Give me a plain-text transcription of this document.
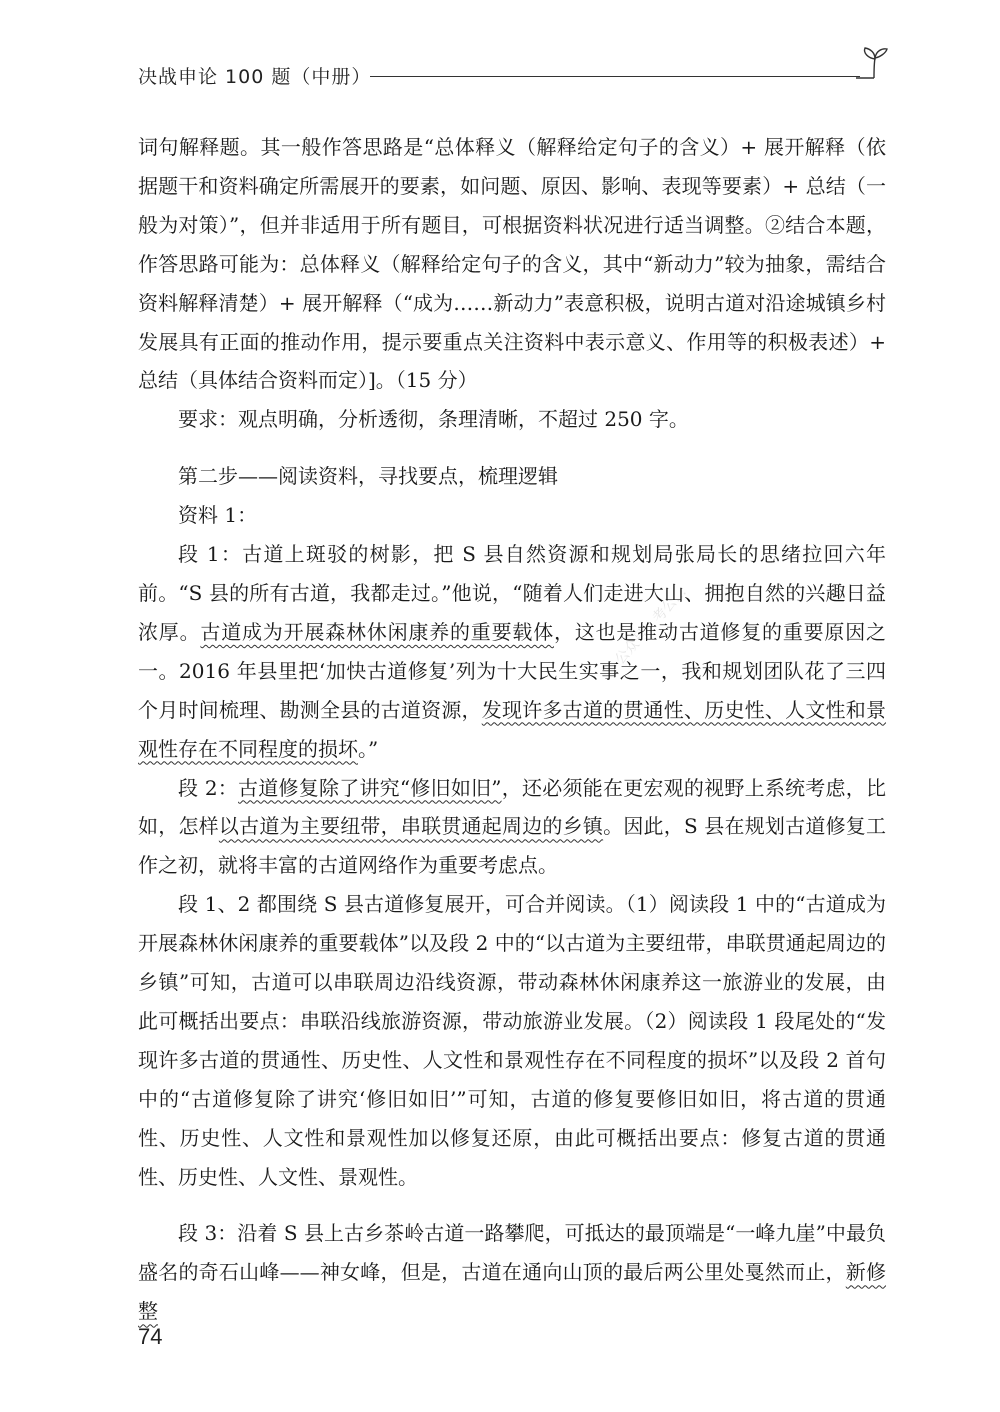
决战申论 100 题（中册）
公众号：考公…

词句解释题。其一般作答思路是“总体释义（解释给定句子的含义）+ 展开解释（依据题干和资料确定所需展开的要素，如问题、原因、影响、表现等要素）+ 总结（一般为对策）”，但并非适用于所有题目，可根据资料状况进行适当调整。②结合本题，作答思路可能为：总体释义（解释给定句子的含义，其中“新动力”较为抽象，需结合资料解释清楚）+ 展开解释（“成为……新动力”表意积极，说明古道对沿途城镇乡村发展具有正面的推动作用，提示要重点关注资料中表示意义、作用等的积极表述）+ 总结（具体结合资料而定）]。（15 分）

要求：观点明确，分析透彻，条理清晰，不超过 250 字。

第二步——阅读资料，寻找要点，梳理逻辑

资料 1：

段 1：古道上斑驳的树影，把 S 县自然资源和规划局张局长的思绪拉回六年前。“S 县的所有古道，我都走过。”他说，“随着人们走进大山、拥抱自然的兴趣日益浓厚。古道成为开展森林休闲康养的重要载体，这也是推动古道修复的重要原因之一。2016 年县里把‘加快古道修复’列为十大民生实事之一，我和规划团队花了三四个月时间梳理、勘测全县的古道资源，发现许多古道的贯通性、历史性、人文性和景观性存在不同程度的损坏。”

段 2：古道修复除了讲究“修旧如旧”，还必须能在更宏观的视野上系统考虑，比如，怎样以古道为主要纽带，串联贯通起周边的乡镇。因此，S 县在规划古道修复工作之初，就将丰富的古道网络作为重要考虑点。

段 1、2 都围绕 S 县古道修复展开，可合并阅读。（1）阅读段 1 中的“古道成为开展森林休闲康养的重要载体”以及段 2 中的“以古道为主要纽带，串联贯通起周边的乡镇”可知，古道可以串联周边沿线资源，带动森林休闲康养这一旅游业的发展，由此可概括出要点：串联沿线旅游资源，带动旅游业发展。（2）阅读段 1 段尾处的“发现许多古道的贯通性、历史性、人文性和景观性存在不同程度的损坏”以及段 2 首句中的“古道修复除了讲究‘修旧如旧’”可知，古道的修复要修旧如旧，将古道的贯通性、历史性、人文性和景观性加以修复还原，由此可概括出要点：修复古道的贯通性、历史性、人文性、景观性。

段 3：沿着 S 县上古乡茶岭古道一路攀爬，可抵达的最顶端是“一峰九崖”中最负盛名的奇石山峰——神女峰，但是，古道在通向山顶的最后两公里处戛然而止，新修整

74
